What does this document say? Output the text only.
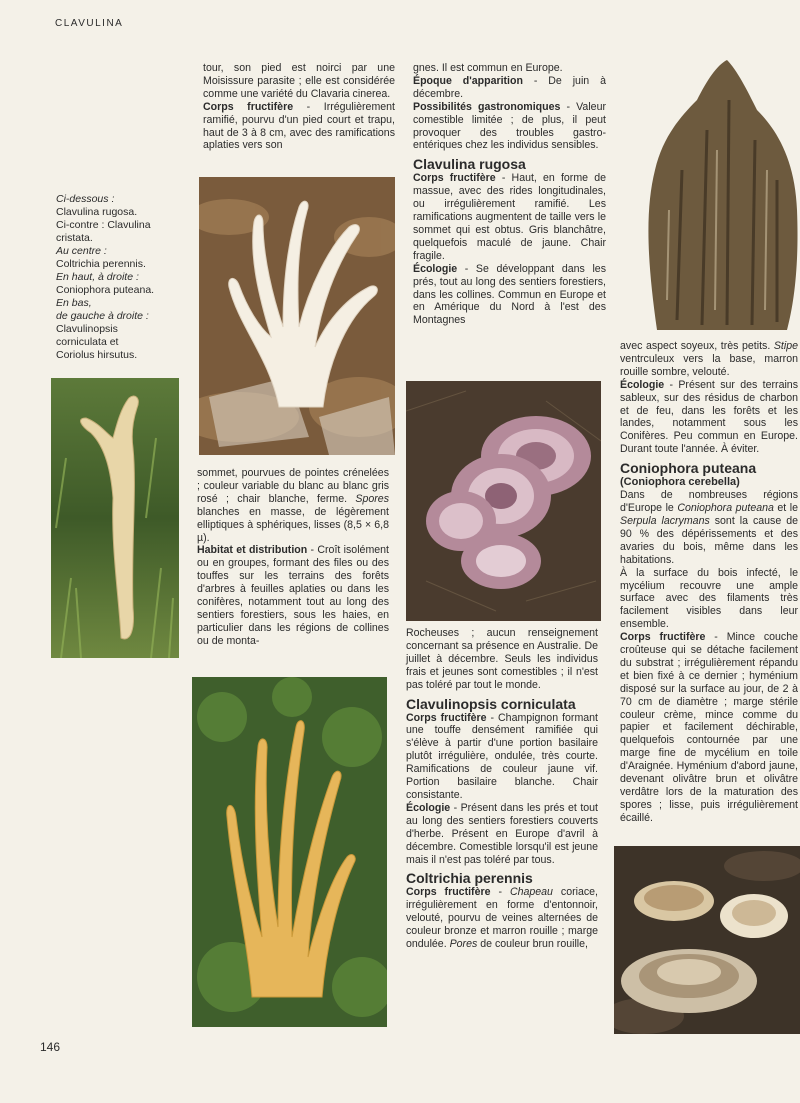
CLAVULINA
146
Ci-dessous :
Clavulina rugosa.
Ci-contre : Clavulina
cristata.
Au centre :
Coltrichia perennis.
En haut, à droite :
Coniophora puteana.
En bas,
de gauche à droite :
Clavulinopsis
corniculata et
Coriolus hirsutus.

tour, son pied est noirci par une Moisissure parasite ; elle est considérée comme une variété du Clavaria cinerea.
Corps fructifère - Irrégulièrement ramifié, pourvu d'un pied court et trapu, haut de 3 à 8 cm, avec des ramifications aplaties vers son

sommet, pourvues de pointes crénelées ; couleur variable du blanc au blanc gris rosé ; chair blanche, ferme. Spores blanches en masse, de légèrement elliptiques à sphériques, lisses (8,5 × 6,8 µ).
Habitat et distribution - Croît isolément ou en groupes, formant des files ou des touffes sur les terrains des forêts d'arbres à feuilles aplaties ou dans les conifères, notamment tout au long des sentiers forestiers, sous les haies, en particulier dans les régions de collines ou de monta-

gnes. Il est commun en Europe.
Époque d'apparition - De juin à décembre.
Possibilités gastronomiques - Valeur comestible limitée ; de plus, il peut provoquer des troubles gastro-entériques chez les individus sensibles.

Clavulina rugosa

Corps fructifère - Haut, en forme de massue, avec des rides longitudinales, ou irrégulièrement ramifié. Les ramifications augmentent de taille vers le sommet qui est obtus. Gris blanchâtre, quelquefois maculé de jaune. Chair fragile.
Écologie - Se développant dans les prés, tout au long des sentiers forestiers, dans les collines. Commun en Europe et en Amérique du Nord à l'est des Montagnes

Rocheuses ; aucun renseignement concernant sa présence en Australie. De juillet à décembre. Seuls les individus frais et jeunes sont comestibles ; il n'est pas toléré par tout le monde.

Clavulinopsis corniculata

Corps fructifère - Champignon formant une touffe densément ramifiée qui s'élève à partir d'une portion basilaire plutôt irrégulière, ondulée, très courte. Ramifications de couleur jaune vif. Portion basilaire blanche. Chair consistante.
Écologie - Présent dans les prés et tout au long des sentiers forestiers couverts d'herbe. Présent en Europe d'avril à décembre. Comestible lorsqu'il est jeune mais il n'est pas toléré par tous.

Coltrichia perennis

Corps fructifère - Chapeau coriace, irrégulièrement en forme d'entonnoir, velouté, pourvu de veines alternées de couleur bronze et marron rouille ; marge ondulée. Pores de couleur brun rouille,

avec aspect soyeux, très petits. Stipe ventrculeux vers la base, marron rouille sombre, velouté.
Écologie - Présent sur des terrains sableux, sur des résidus de charbon et de feu, dans les forêts et les landes, notamment sous les Conifères. Peu commun en Europe. Durant toute l'année. À éviter.

Coniophora puteana
(Coniophora cerebella)

Dans de nombreuses régions d'Europe le Coniophora puteana et le Serpula lacrymans sont la cause de 90 % des dépérissements et des avaries du bois, même dans les habitations.

À la surface du bois infecté, le mycélium recouvre une ample surface avec des filaments très facilement visibles dans leur ensemble.

Corps fructifère - Mince couche croûteuse qui se détache facilement du substrat ; irrégulièrement répandu et bien fixé à ce dernier ; hyménium disposé sur la surface au jour, de 2 à 70 cm de diamètre ; marge stérile couleur crème, mince comme du papier et facilement déchirable, quelquefois contournée par une marge fine de mycélium en toile d'Araignée. Hyménium d'abord jaune, devenant olivâtre brun et olivâtre verdâtre lors de la maturation des spores ; lisse, puis irrégulièrement écaillé.
